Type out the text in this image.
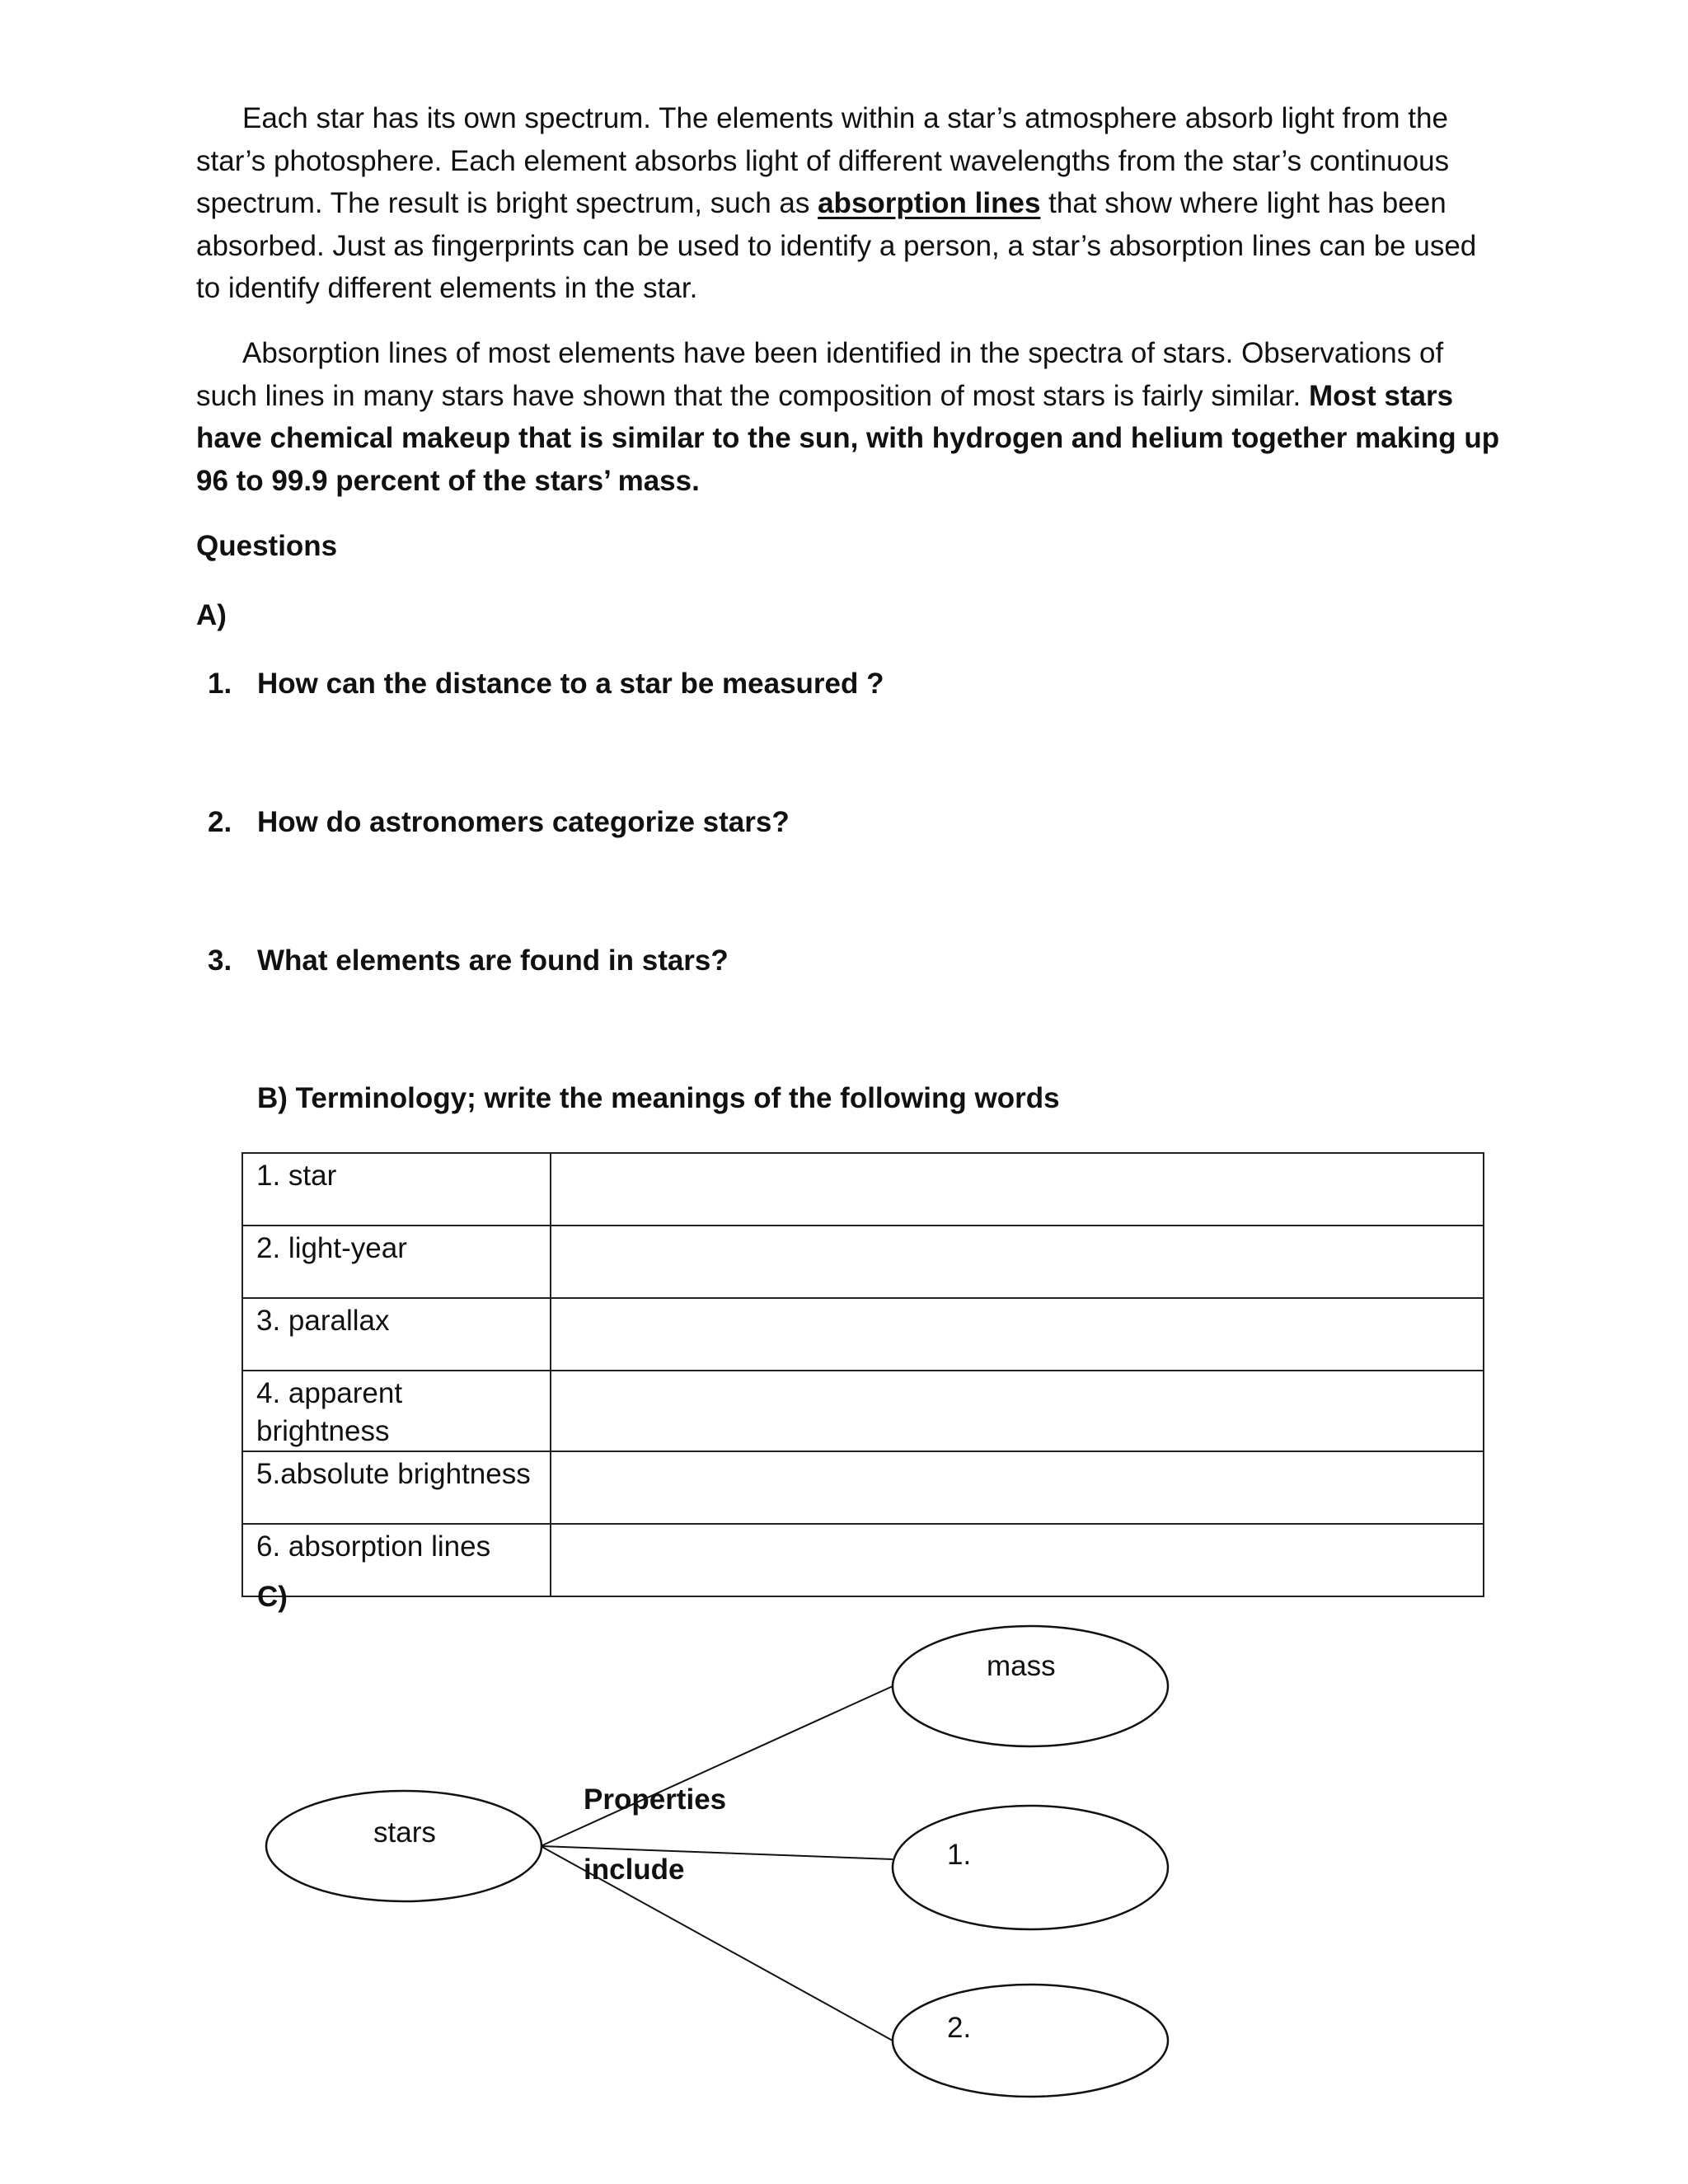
Each star has its own spectrum. The elements within a star’s atmosphere absorb light from the star’s photosphere. Each element absorbs light of different wavelengths from the star’s continuous spectrum. The result is bright spectrum, such as absorption lines that show where light has been absorbed. Just as fingerprints can be used to identify a person, a star’s absorption lines can be used to identify different elements in the star.

Absorption lines of most elements have been identified in the spectra of stars. Observations of such lines in many stars have shown that the composition of most stars is fairly similar. Most stars have chemical makeup that is similar to the sun, with hydrogen and helium together making up 96 to 99.9 percent of the stars’ mass.

Questions
A)
1. How can the distance to a star be measured ?
2. How do astronomers categorize stars?
3. What elements are found in stars?
B) Terminology; write the meanings of the following words
1. star	
2. light-year	
3. parallax	
4. apparent brightness	
5.absolute brightness	
6. absorption lines	
C)
stars
mass
1.
2.
Properties
include
